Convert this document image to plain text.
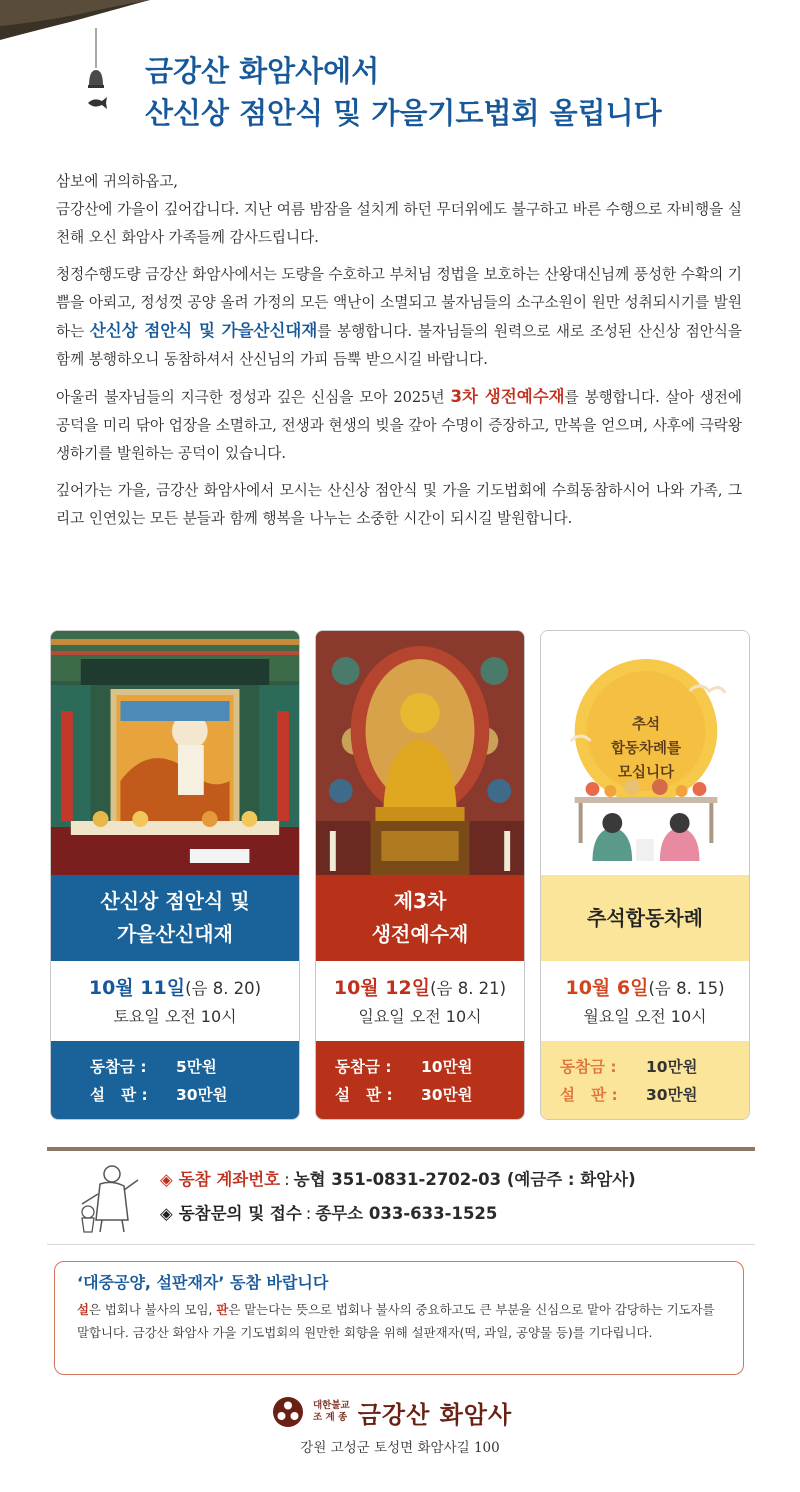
금강산 화암사에서
산신상 점안식 및 가을기도법회 올립니다

삼보에 귀의하옵고,
금강산에 가을이 깊어갑니다. 지난 여름 밤잠을 설치게 하던 무더위에도 불구하고 바른 수행으로 자비행을 실천해 오신 화암사 가족들께 감사드립니다.

청정수행도량 금강산 화암사에서는 도량을 수호하고 부처님 정법을 보호하는 산왕대신님께 풍성한 수확의 기쁨을 아뢰고, 정성껏 공양 올려 가정의 모든 액난이 소멸되고 불자님들의 소구소원이 원만 성취되시기를 발원하는 산신상 점안식 및 가을산신대재를 봉행합니다. 불자님들의 원력으로 새로 조성된 산신상 점안식을 함께 봉행하오니 동참하셔서 산신님의 가피 듬뿍 받으시길 바랍니다.

아울러 불자님들의 지극한 정성과 깊은 신심을 모아 2025년 3차 생전예수재를 봉행합니다. 살아 생전에 공덕을 미리 닦아 업장을 소멸하고, 전생과 현생의 빚을 갚아 수명이 증장하고, 만복을 얻으며, 사후에 극락왕생하기를 발원하는 공덕이 있습니다.

깊어가는 가을, 금강산 화암사에서 모시는 산신상 점안식 및 가을 기도법회에 수희동참하시어 나와 가족, 그리고 인연있는 모든 분들과 함께 행복을 나누는 소중한 시간이 되시길 발원합니다.

산신상 점안식 및
가을산신대재
10월 11일(음 8. 20)
토요일 오전 10시
동참금 :	5만원
설   판 :	30만원
제3차
생전예수재
10월 12일(음 8. 21)
일요일 오전 10시
동참금 :	10만원
설   판 :	30만원
추석
합동차례를
모십니다
추석합동차례
10월 6일(음 8. 15)
월요일 오전 10시
동참금 :	10만원
설   판 :	30만원
◈ 동참 계좌번호 : 농협 351-0831-2702-03 (예금주 : 화암사)
◈ 동참문의 및 접수 : 종무소 033-633-1525
‘대중공양, 설판재자’ 동참 바랍니다
설은 법회나 불사의 모임, 판은 맡는다는 뜻으로 법회나 불사의 중요하고도 큰 부분을 신심으로 맡아 감당하는 기도자를 말합니다. 금강산 화암사 가을 기도법회의 원만한 회향을 위해 설판재자(떡, 과일, 공양물 등)를 기다립니다.
대한불교
조 계 종 금강산 화암사
강원 고성군 토성면 화암사길 100
